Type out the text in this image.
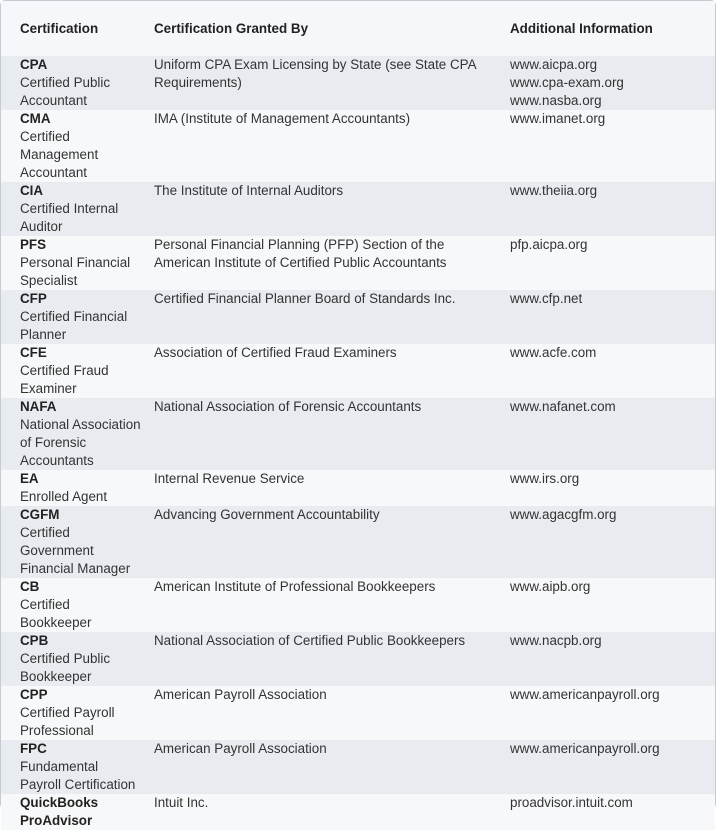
Certification	Certification Granted By	Additional Information

CPA
Certified Public Accountant	Uniform CPA Exam Licensing by State (see State CPA Requirements)	www.aicpa.org
www.cpa-exam.org
www.nasba.org

CMA
Certified Management Accountant	IMA (Institute of Management Accountants)	www.imanet.org

CIA
Certified Internal Auditor	The Institute of Internal Auditors	www.theiia.org

PFS
Personal Financial Specialist	Personal Financial Planning (PFP) Section of the American Institute of Certified Public Accountants	pfp.aicpa.org

CFP
Certified Financial Planner	Certified Financial Planner Board of Standards Inc.	www.cfp.net

CFE
Certified Fraud Examiner	Association of Certified Fraud Examiners	www.acfe.com

NAFA
National Association of Forensic Accountants	National Association of Forensic Accountants	www.nafanet.com

EA
Enrolled Agent	Internal Revenue Service	www.irs.org

CGFM
Certified Government Financial Manager	Advancing Government Accountability	www.agacgfm.org

CB
Certified Bookkeeper	American Institute of Professional Bookkeepers	www.aipb.org

CPB
Certified Public Bookkeeper	National Association of Certified Public Bookkeepers	www.nacpb.org

CPP
Certified Payroll Professional	American Payroll Association	www.americanpayroll.org

FPC
Fundamental Payroll Certification	American Payroll Association	www.americanpayroll.org

QuickBooks ProAdvisor	Intuit Inc.	proadvisor.intuit.com
